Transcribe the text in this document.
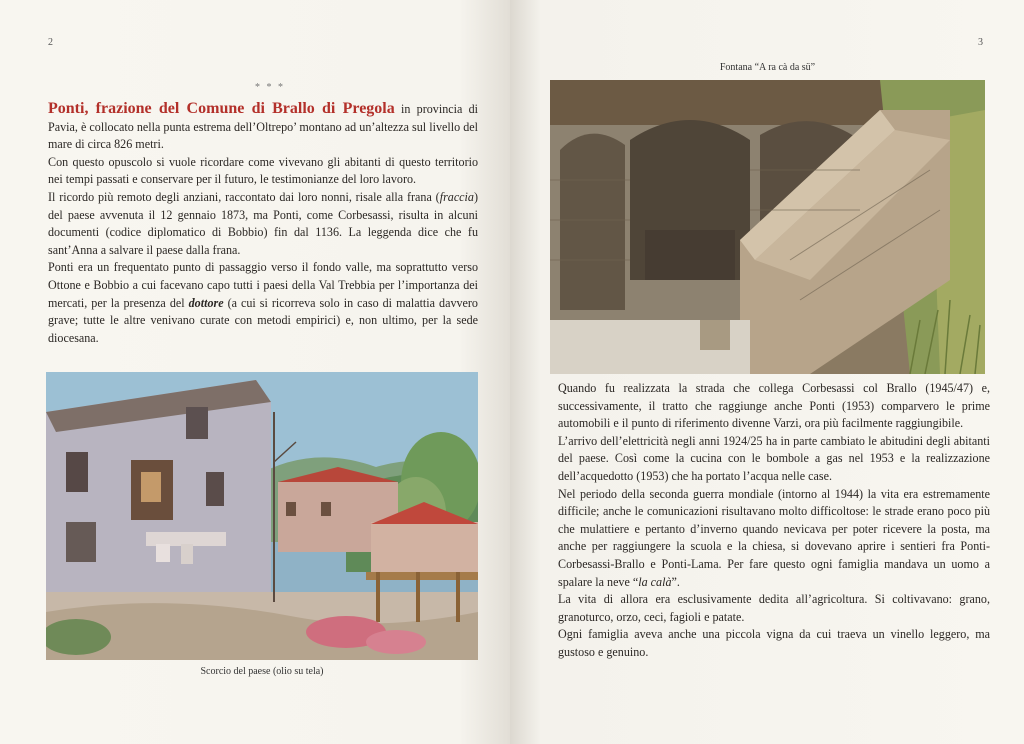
2
* * *

Ponti, frazione del Comune di Brallo di Pregola in provincia di Pavia, è collocato nella punta estrema dell’Oltrepo’ montano ad un’altezza sul livello del mare di circa 826 metri.

Con questo opuscolo si vuole ricordare come vivevano gli abitanti di questo territorio nei tempi passati e conservare per il futuro, le testimonianze del loro lavoro.

Il ricordo più remoto degli anziani, raccontato dai loro nonni, risale alla frana (fraccia) del paese avvenuta il 12 gennaio 1873, ma Ponti, come Corbesassi, risulta in alcuni documenti (codice diplomatico di Bobbio) fin dal 1136. La leggenda dice che fu sant’Anna a salvare il paese dalla frana.

Ponti era un frequentato punto di passaggio verso il fondo valle, ma soprattutto verso Ottone e Bobbio a cui facevano capo tutti i paesi della Val Trebbia per l’importanza dei mercati, per la presenza del dottore (a cui si ricorreva solo in caso di malattia davvero grave; tutte le altre venivano curate con metodi empirici) e, non ultimo, per la sede diocesana.

Scorcio del paese (olio su tela)
3
Fontana “A ra cà da sü”

Quando fu realizzata la strada che collega Corbesassi col Brallo (1945/47) e, successivamente, il tratto che raggiunge anche Ponti (1953) comparvero le prime automobili e il punto di riferimento divenne Varzi, ora più facilmente raggiungibile.

L’arrivo dell’elettricità negli anni 1924/25 ha in parte cambiato le abitudini degli abitanti del paese. Così come la cucina con le bombole a gas nel 1953 e la realizzazione dell’acquedotto (1953) che ha portato l’acqua nelle case.

Nel periodo della seconda guerra mondiale (intorno al 1944) la vita era estremamente difficile; anche le comunicazioni risultavano molto difficoltose: le strade erano poco più che mulattiere e pertanto d’inverno quando nevicava per poter ricevere la posta, ma anche per raggiungere la scuola e la chiesa, si dovevano aprire i sentieri fra Ponti-Corbesassi-Brallo e Ponti-Lama. Per fare questo ogni famiglia mandava un uomo a spalare la neve “la calà”.

La vita di allora era esclusivamente dedita all’agricoltura. Si coltivavano: grano, granoturco, orzo, ceci, fagioli e patate.

Ogni famiglia aveva anche una piccola vigna da cui traeva un vinello leggero, ma gustoso e genuino.
